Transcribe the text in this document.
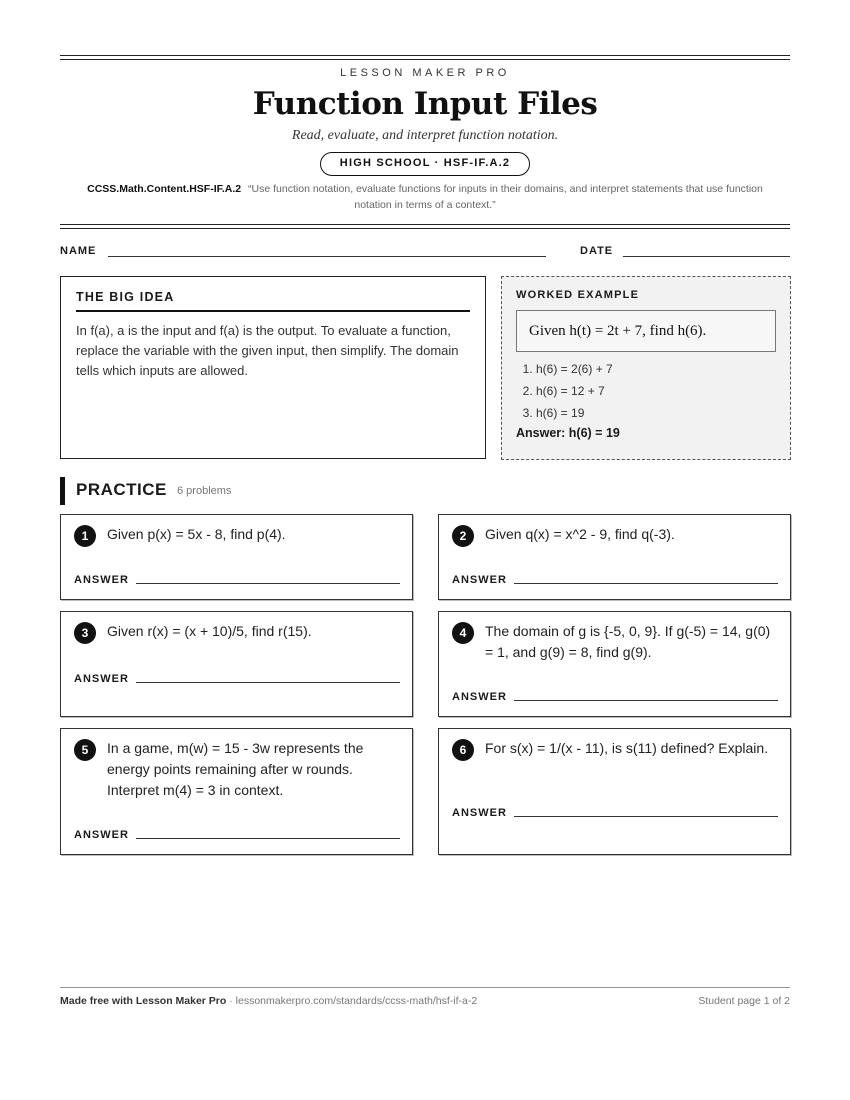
LESSON MAKER PRO
Function Input Files
Read, evaluate, and interpret function notation.
HIGH SCHOOL · HSF-IF.A.2
CCSS.Math.Content.HSF-IF.A.2 “Use function notation, evaluate functions for inputs in their domains, and interpret statements that use function notation in terms of a context.”
NAME	DATE
THE BIG IDEA

In f(a), a is the input and f(a) is the output. To evaluate a function, replace the variable with the given input, then simplify. The domain tells which inputs are allowed.

WORKED EXAMPLE
Given h(t) = 2t + 7, find h(6).
1. h(6) = 2(6) + 7
2. h(6) = 12 + 7
3. h(6) = 19
Answer: h(6) = 19
PRACTICE 6 problems
1	Given p(x) = 5x - 8, find p(4).
ANSWER
2	Given q(x) = x^2 - 9, find q(-3).
ANSWER
3	Given r(x) = (x + 10)/5, find r(15).
ANSWER
4	The domain of g is {-5, 0, 9}. If g(-5) = 14, g(0) = 1, and g(9) = 8, find g(9).
ANSWER
5	In a game, m(w) = 15 - 3w represents the energy points remaining after w rounds. Interpret m(4) = 3 in context.
ANSWER
6	For s(x) = 1/(x - 11), is s(11) defined? Explain.
ANSWER
Made free with Lesson Maker Pro · lessonmakerpro.com/standards/ccss-math/hsf-if-a-2	Student page 1 of 2
